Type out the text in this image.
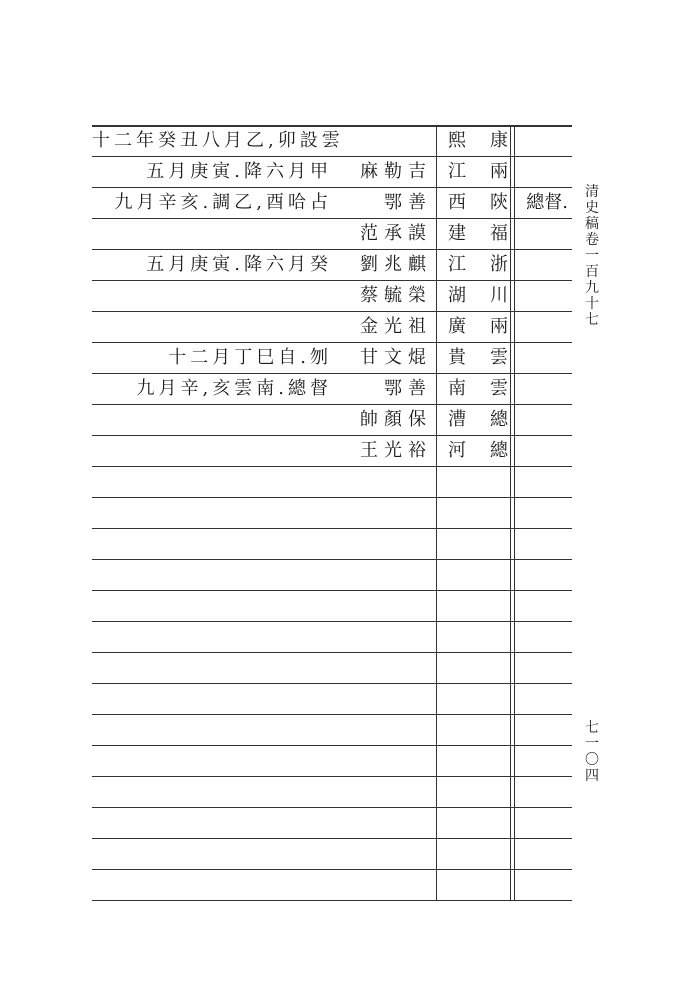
清史稿卷一百九十七
七一〇四
康
熙
十二年癸丑八月乙,卯設雲
兩
江
麻勒吉
五月庚寅.降六月甲
陝
西
鄂善
九月辛亥.調乙,酉哈占	總督.
福
建
范承謨
浙
江
劉兆麒
五月庚寅.降六月癸
川
湖
蔡毓榮
兩
廣
金光祖
雲
貴
甘文焜
十二月丁巳自.刎
雲
南
鄂善
九月辛,亥雲南.總督
總
漕
帥顏保
總
河
王光裕
